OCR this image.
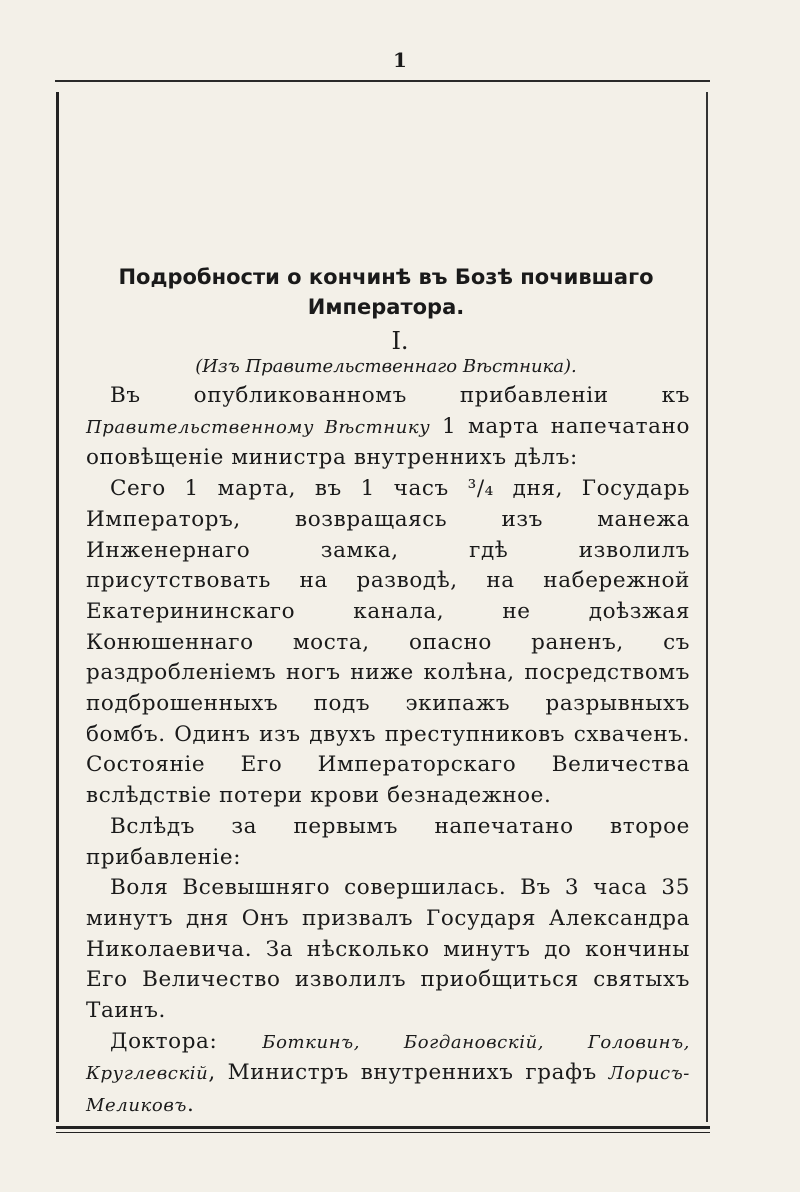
1
Подробности о кончинѣ въ Бозѣ почившаго Императора.
I.
(Изъ Правительственнаго Вѣстника).

Въ опубликованномъ прибавленіи къ Правительственному Вѣстнику 1 марта напечатано оповѣщеніе министра внутреннихъ дѣлъ:

Сего 1 марта, въ 1 часъ ³/₄ дня, Государь Императоръ, возвращаясь изъ манежа Инженернаго замка, гдѣ изволилъ присутствовать на разводѣ, на набережной Екатерининскаго канала, не доѣзжая Конюшеннаго моста, опасно раненъ, съ раздробленіемъ ногъ ниже колѣна, посредствомъ подброшенныхъ подъ экипажъ разрывныхъ бомбъ. Одинъ изъ двухъ преступниковъ схваченъ. Состояніе Его Императорскаго Величества вслѣдствіе потери крови безнадежное.

Вслѣдъ за первымъ напечатано второе прибавленіе:

Воля Всевышняго совершилась. Въ 3 часа 35 минутъ дня Онъ призвалъ Государя Александра Николаевича. За нѣсколько минутъ до кончины Его Величество изволилъ приобщиться святыхъ Таинъ.

Доктора: Боткинъ, Богдановскій, Головинъ, Круглевскій, Министръ внутреннихъ графъ Лорисъ-Меликовъ.
